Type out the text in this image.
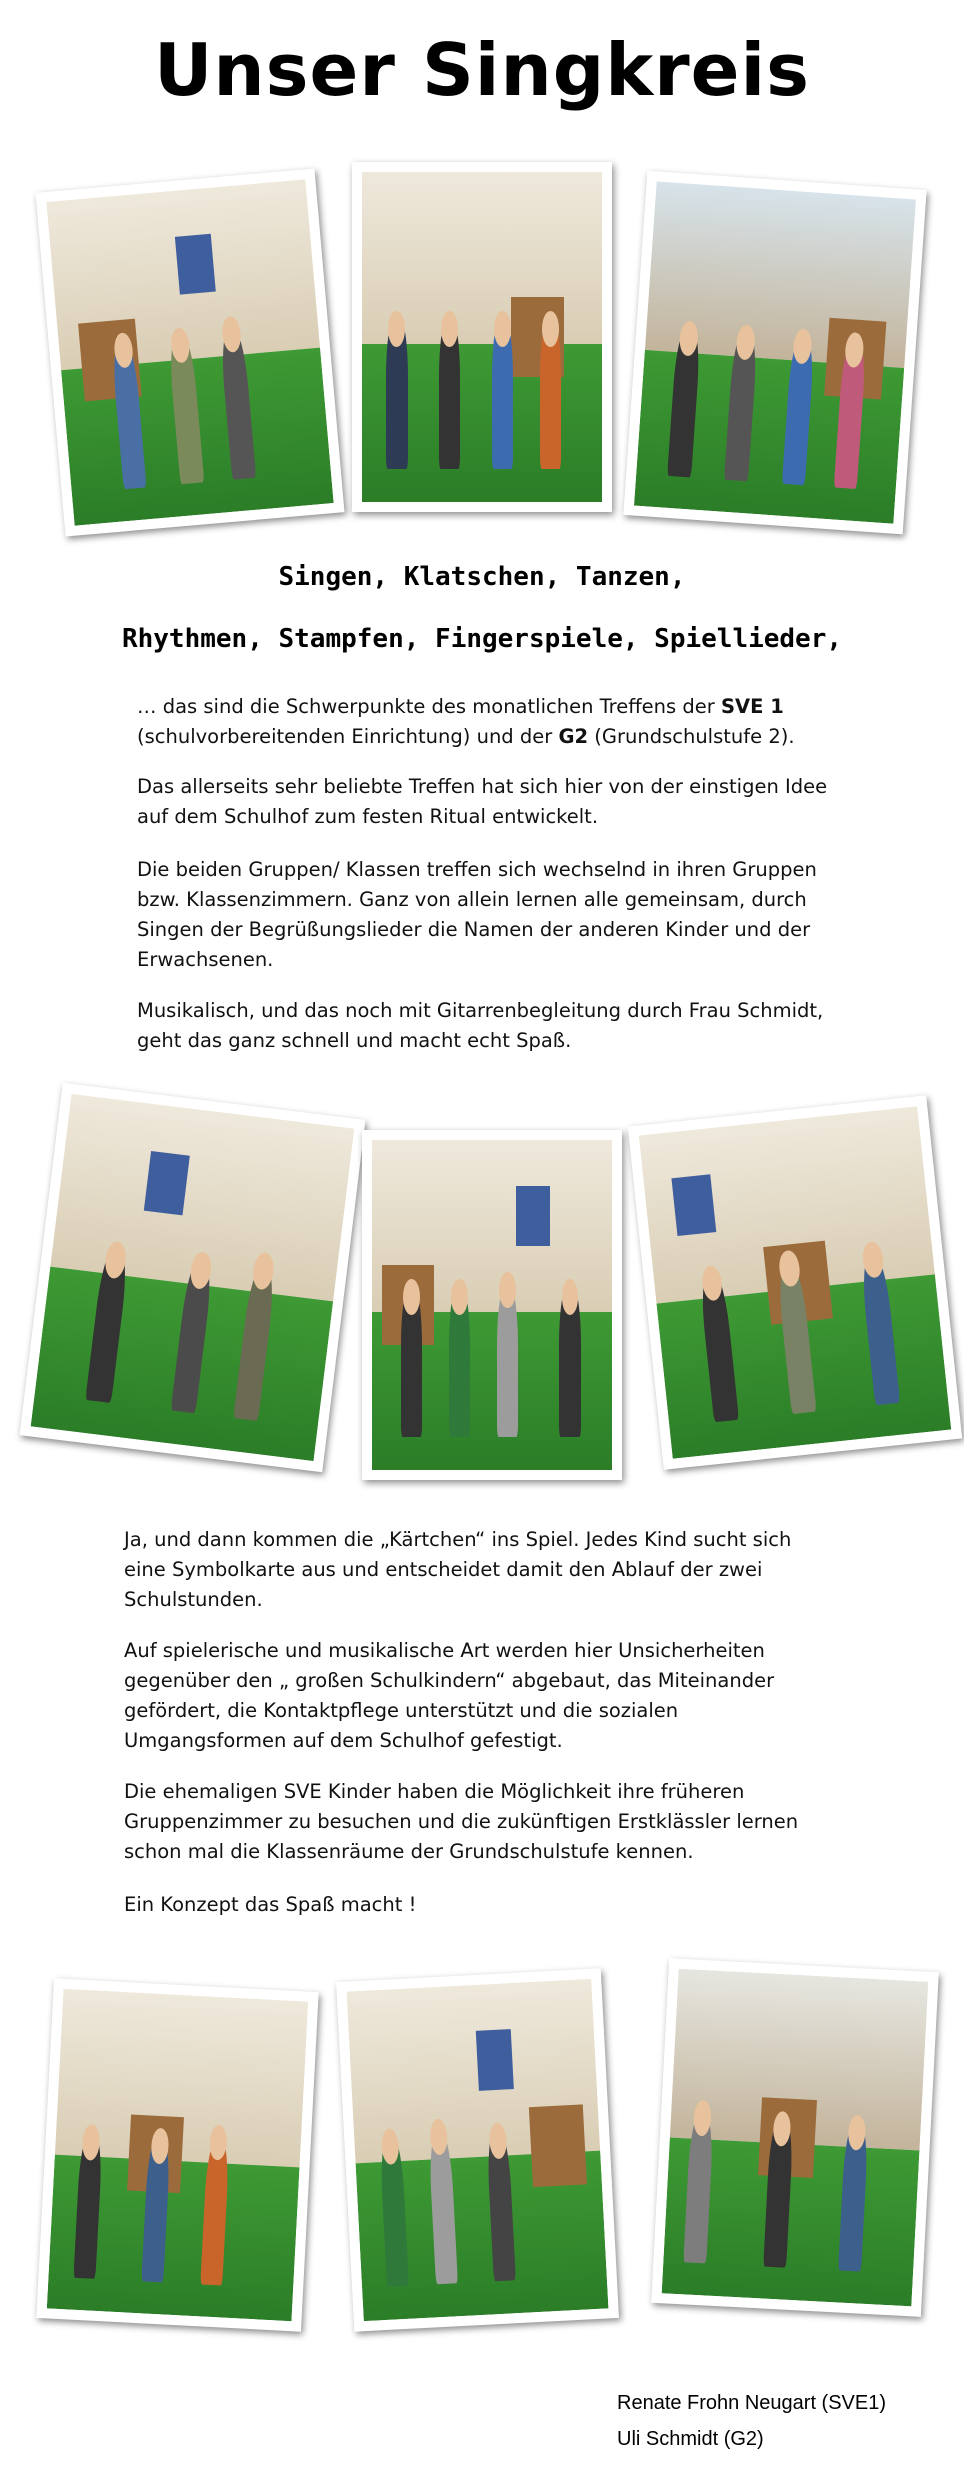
Unser Singkreis
Singen, Klatschen, Tanzen,
Rhythmen, Stampfen, Fingerspiele, Spiellieder,

… das sind die Schwerpunkte des monatlichen Treffens der SVE 1 (schulvorbereitenden Einrichtung) und der G2 (Grundschulstufe 2).

Das allerseits sehr beliebte Treffen hat sich hier von der einstigen Idee auf dem Schulhof zum festen Ritual entwickelt.

Die beiden Gruppen/ Klassen treffen sich wechselnd in ihren Gruppen bzw. Klassenzimmern. Ganz von allein lernen alle gemeinsam, durch Singen der Begrüßungslieder die Namen der anderen Kinder und der Erwachsenen.

Musikalisch, und das noch mit Gitarrenbegleitung durch Frau Schmidt, geht das ganz schnell und macht echt Spaß.

Ja, und dann kommen die „Kärtchen“ ins Spiel. Jedes Kind sucht sich eine Symbolkarte aus und entscheidet damit den Ablauf der zwei Schulstunden.

Auf spielerische und musikalische Art werden hier Unsicherheiten gegenüber den „ großen Schulkindern“ abgebaut, das Miteinander gefördert, die Kontaktpflege unterstützt und die sozialen Umgangsformen auf dem Schulhof gefestigt.

Die ehemaligen SVE Kinder haben die Möglichkeit ihre früheren Gruppenzimmer zu besuchen und die zukünftigen Erstklässler lernen schon mal die Klassenräume der Grundschulstufe kennen.

Ein Konzept das Spaß macht !

Renate Frohn Neugart (SVE1)
Uli Schmidt (G2)
